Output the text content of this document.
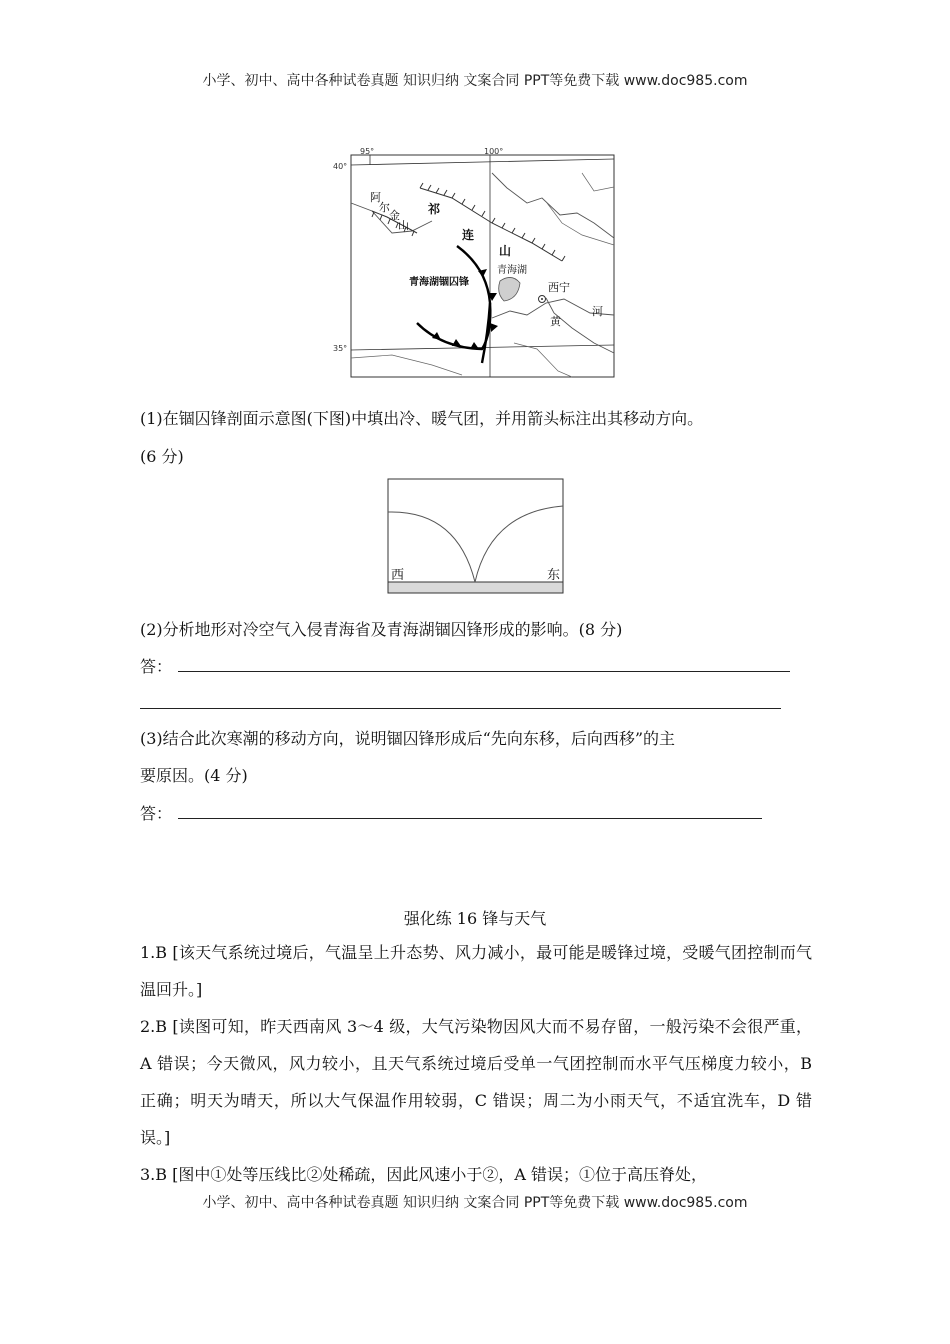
小学、初中、高中各种试卷真题 知识归纳 文案合同 PPT等免费下载 www.doc985.com
95°	100°
40°
35°
阿
尔
金
山
祁
连
山
青海湖锢囚锋
青海湖
西宁
黄
河
(1)在锢囚锋剖面示意图(下图)中填出冷、暖气团，并用箭头标注出其移动方向。
(6 分)
西	东
(2)分析地形对冷空气入侵青海省及青海湖锢囚锋形成的影响。(8 分)
答：
(3)结合此次寒潮的移动方向，说明锢囚锋形成后“先向东移，后向西移”的主
要原因。(4 分)
答：
强化练 16 锋与天气
1.B [该天气系统过境后，气温呈上升态势、风力减小，最可能是暖锋过境，受暖气团控制而气温回升。]
2.B [读图可知，昨天西南风 3～4 级，大气污染物因风大而不易存留，一般污染不会很严重，A 错误；今天微风，风力较小，且天气系统过境后受单一气团控制而水平气压梯度力较小，B 正确；明天为晴天，所以大气保温作用较弱，C 错误；周二为小雨天气，不适宜洗车，D 错误。]
3.B [图中①处等压线比②处稀疏，因此风速小于②，A 错误；①位于高压脊处，
小学、初中、高中各种试卷真题 知识归纳 文案合同 PPT等免费下载 www.doc985.com
